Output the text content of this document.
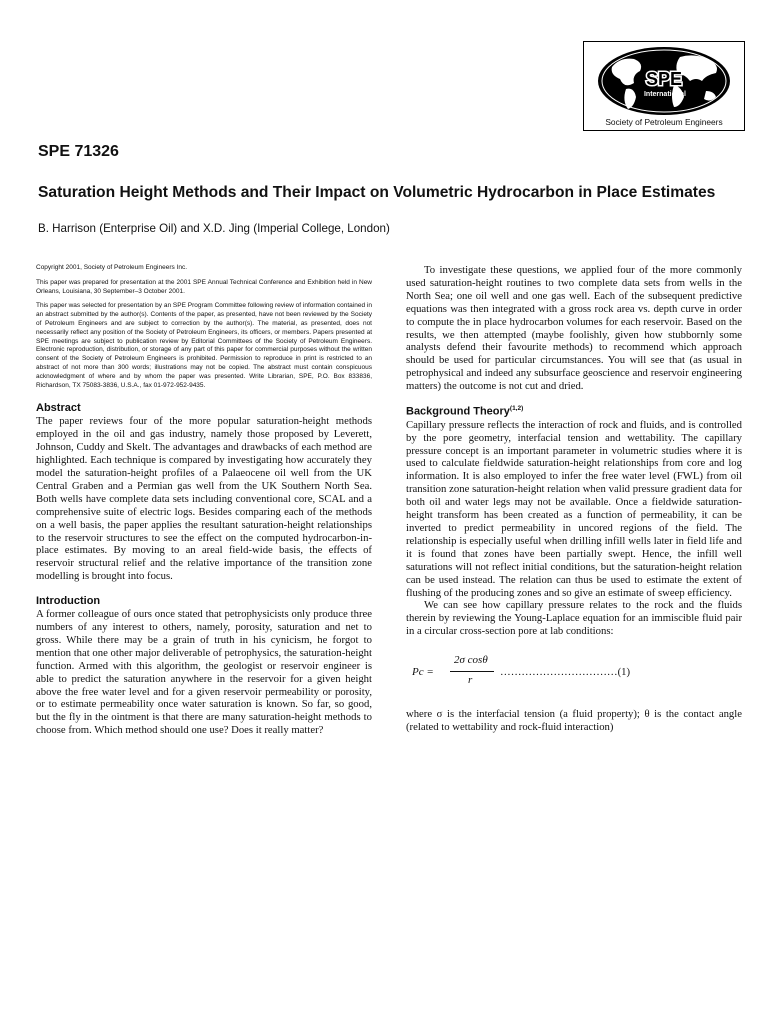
SPE
International
Society of Petroleum Engineers
SPE 71326
Saturation Height Methods and Their Impact on Volumetric Hydrocarbon in Place Estimates
B. Harrison (Enterprise Oil) and X.D. Jing (Imperial College, London)

Copyright 2001, Society of Petroleum Engineers Inc.

This paper was prepared for presentation at the 2001 SPE Annual Technical Conference and Exhibition held in New Orleans, Louisiana, 30 September–3 October 2001.

This paper was selected for presentation by an SPE Program Committee following review of information contained in an abstract submitted by the author(s). Contents of the paper, as presented, have not been reviewed by the Society of Petroleum Engineers and are subject to correction by the author(s). The material, as presented, does not necessarily reflect any position of the Society of Petroleum Engineers, its officers, or members. Papers presented at SPE meetings are subject to publication review by Editorial Committees of the Society of Petroleum Engineers. Electronic reproduction, distribution, or storage of any part of this paper for commercial purposes without the written consent of the Society of Petroleum Engineers is prohibited. Permission to reproduce in print is restricted to an abstract of not more than 300 words; illustrations may not be copied. The abstract must contain conspicuous acknowledgment of where and by whom the paper was presented. Write Librarian, SPE, P.O. Box 833836, Richardson, TX 75083-3836, U.S.A., fax 01-972-952-9435.

Abstract

The paper reviews four of the more popular saturation-height methods employed in the oil and gas industry, namely those proposed by Leverett, Johnson, Cuddy and Skelt. The advantages and drawbacks of each method are highlighted. Each technique is compared by investigating how accurately they model the saturation-height profiles of a Palaeocene oil well from the UK Central Graben and a Permian gas well from the UK Southern North Sea. Both wells have complete data sets including conventional core, SCAL and a comprehensive suite of electric logs. Besides comparing each of the methods on a well basis, the paper applies the resultant saturation-height relationships to the reservoir structures to see the effect on the computed hydrocarbon-in-place estimates. By moving to an areal field-wide basis, the effects of reservoir structural relief and the relative importance of the transition zone modelling is brought into focus.

Introduction

A former colleague of ours once stated that petrophysicists only produce three numbers of any interest to others, namely, porosity, saturation and net to gross. While there may be a grain of truth in his cynicism, he forgot to mention that one other major deliverable of petrophysics, the saturation-height function. Armed with this algorithm, the geologist or reservoir engineer is able to predict the saturation anywhere in the reservoir for a given height above the free water level and for a given reservoir permeability or porosity, or to estimate permeability once water saturation is known. So far, so good, but the fly in the ointment is that there are many saturation-height methods to choose from. Which method should one use? Does it really matter?

To investigate these questions, we applied four of the more commonly used saturation-height routines to two complete data sets from wells in the North Sea; one oil well and one gas well. Each of the subsequent predictive equations was then integrated with a gross rock area vs. depth curve in order to compute the in place hydrocarbon volumes for each reservoir. Based on the results, we then attempted (maybe foolishly, given how stubbornly some analysts defend their favourite methods) to recommend which approach should be used for particular circumstances. You will see that (as usual in petrophysical and indeed any subsurface geoscience and reservoir engineering matters) the outcome is not cut and dried.

Background Theory$^{(1,2)}$

Capillary pressure reflects the interaction of rock and fluids, and is controlled by the pore geometry, interfacial tension and wettability. The capillary pressure concept is an important parameter in volumetric studies where it is used to calculate fieldwide saturation-height relationships from core and log information. It is also employed to infer the free water level (FWL) from oil transition zone saturation-height relation when valid pressure gradient data for both oil and water legs may not be available. Once a fieldwide saturation-height transform has been created as a function of permeability, it can be inverted to predict permeability in uncored regions of the field. The relationship is especially useful when drilling infill wells later in field life and it is found that zones have been partially swept. Hence, the infill well saturations will not reflect initial conditions, but the saturation-height relation can be used instead. The relation can thus be used to estimate the extent of flushing of the producing zones and so give an estimate of sweep efficiency.

We can see how capillary pressure relates to the rock and the fluids therein by reviewing the Young-Laplace equation for an immiscible fluid pair in a circular cross-section pore at lab conditions:

Pc =
2σ cosθ
r
……………………………(1)

where σ is the interfacial tension (a fluid property); θ is the contact angle (related to wettability and rock-fluid interaction)
